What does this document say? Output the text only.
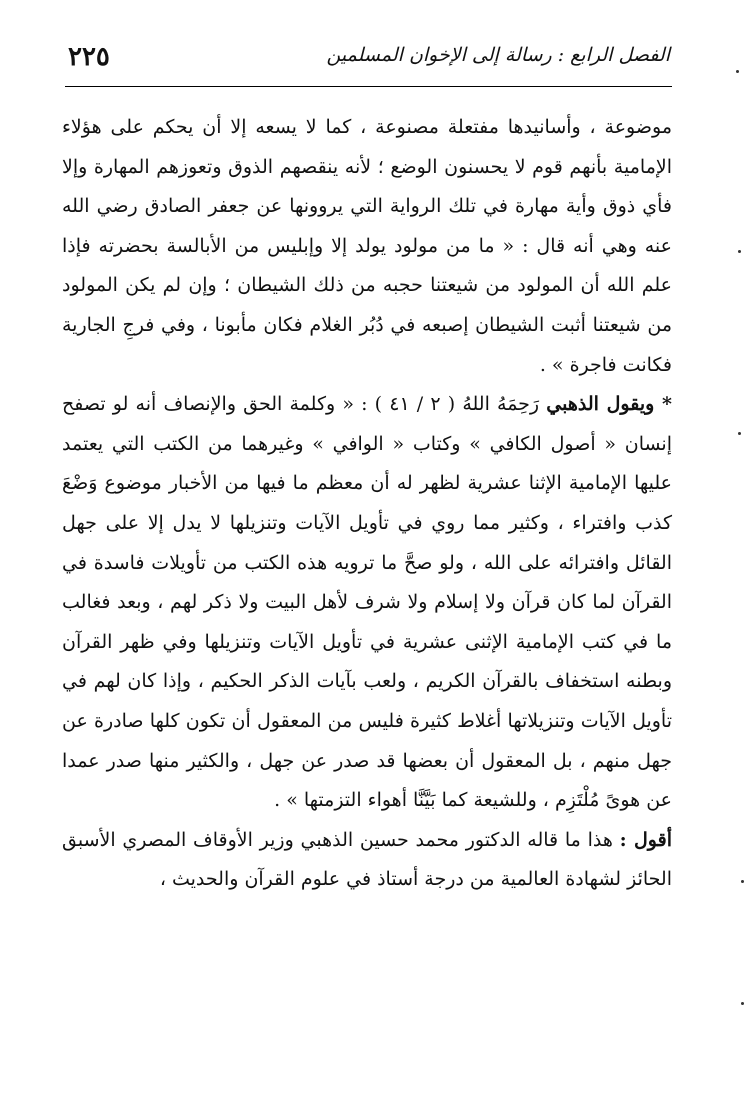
٢٢٥	الفصل الرابع : رسالة إلى الإخوان المسلمين

موضوعة ، وأسانيدها مفتعلة مصنوعة ، كما لا يسعه إلا أن يحكم على هؤلاء الإمامية بأنهم قوم لا يحسنون الوضع ؛ لأنه ينقصهم الذوق وتعوزهم المهارة وإلا فأي ذوق وأية مهارة في تلك الرواية التي يروونها عن جعفر الصادق رضي الله عنه وهي أنه قال : « ما من مولود يولد إلا وإبليس من الأبالسة بحضرته فإذا علم الله أن المولود من شيعتنا حجبه من ذلك الشيطان ؛ وإن لم يكن المولود من شيعتنا أثبت الشيطان إصبعه في دُبُر الغلام فكان مأبونا ، وفي فرجِ الجارية فكانت فاجرة » .

* ويقول الذهبي رَحِمَهُ اللهُ ( ٢ / ٤١ ) : « وكلمة الحق والإنصاف أنه لو تصفح إنسان « أصول الكافي » وكتاب « الوافي » وغيرهما من الكتب التي يعتمد عليها الإمامية الإثنا عشرية لظهر له أن معظم ما فيها من الأخبار موضوع وَضْعَ كذب وافتراء ، وكثير مما روي في تأويل الآيات وتنزيلها لا يدل إلا على جهل القائل وافترائه على الله ، ولو صحَّ ما ترويه هذه الكتب من تأويلات فاسدة في القرآن لما كان قرآن ولا إسلام ولا شرف لأهل البيت ولا ذكر لهم ، وبعد فغالب ما في كتب الإمامية الإثنى عشرية في تأويل الآيات وتنزيلها وفي ظهر القرآن وبطنه استخفاف بالقرآن الكريم ، ولعب بآيات الذكر الحكيم ، وإذا كان لهم في تأويل الآيات وتنزيلاتها أغلاط كثيرة فليس من المعقول أن تكون كلها صادرة عن جهل منهم ، بل المعقول أن بعضها قد صدر عن جهل ، والكثير منها صدر عمدا عن هوىً مُلْتَزِم ، وللشيعة كما بَيَّنَّا أهواء التزمتها » .

أقول : هذا ما قاله الدكتور محمد حسين الذهبي وزير الأوقاف المصري الأسبق الحائز لشهادة العالمية من درجة أستاذ في علوم القرآن والحديث ،
